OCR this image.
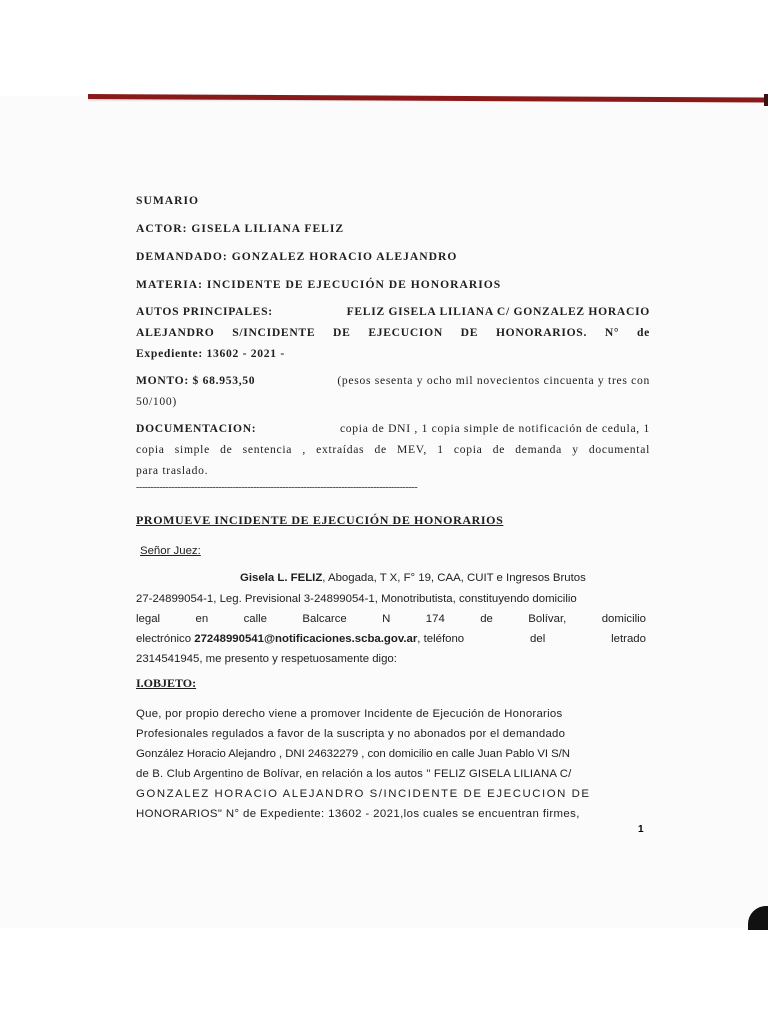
SUMARIO
ACTOR: GISELA LILIANA FELIZ
DEMANDADO: GONZALEZ HORACIO ALEJANDRO
MATERIA: INCIDENTE DE EJECUCIÓN DE HONORARIOS
AUTOS PRINCIPALES:	FELIZ GISELA LILIANA C/ GONZALEZ HORACIO
ALEJANDRO S/INCIDENTE DE EJECUCION DE HONORARIOS. N° de
Expediente: 13602 - 2021 -
MONTO: $ 68.953,50	(pesos sesenta y ocho mil novecientos cincuenta y tres con
50/100)
DOCUMENTACION:	copia de DNI , 1 copia simple de notificación de cedula, 1
copia simple de sentencia , extraídas de MEV, 1 copia de demanda y documental
para traslado.
------------------------------------------------------------------------------------------------
PROMUEVE INCIDENTE DE EJECUCIÓN DE HONORARIOS
Señor Juez:
Gisela L. FELIZ, Abogada, T X, F° 19, CAA, CUIT e Ingresos Brutos
27-24899054-1, Leg. Previsional 3-24899054-1, Monotributista, constituyendo domicilio
legal	en	calle	Balcarce	N	174	de	Bolívar,	domicilio
electrónico 27248990541@notificaciones.scba.gov.ar, teléfono	del	letrado
2314541945, me presento y respetuosamente digo:
I.OBJETO:
Que, por propio derecho viene a promover Incidente de Ejecución de Honorarios
Profesionales regulados a favor de la suscripta y no abonados por el demandado
González Horacio Alejandro , DNI 24632279 , con domicilio en calle Juan Pablo VI S/N
de B. Club Argentino de Bolívar, en relación a los autos " FELIZ GISELA LILIANA C/
GONZALEZ HORACIO ALEJANDRO S/INCIDENTE DE EJECUCION DE
HONORARIOS" N° de Expediente: 13602 - 2021,los cuales se encuentran firmes,
1
